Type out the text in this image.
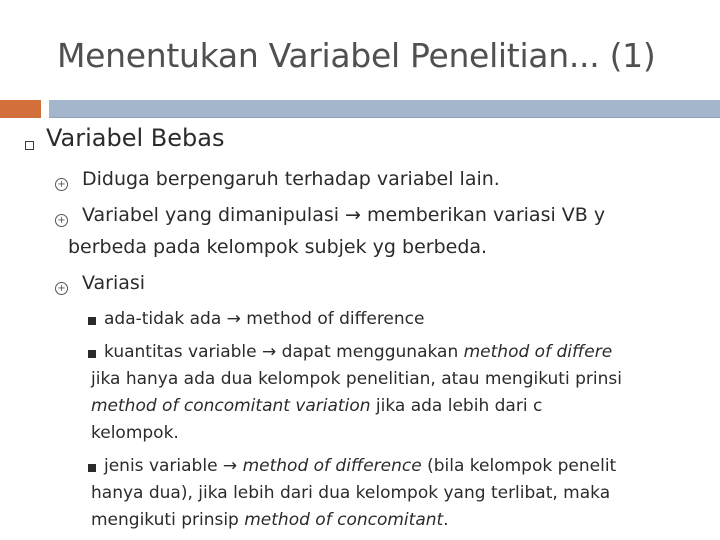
Menentukan Variabel Penelitian... (1)
Variabel Bebas
+ Diduga berpengaruh terhadap variabel lain.
+ Variabel yang dimanipulasi → memberikan variasi VB y
berbeda pada kelompok subjek yg berbeda.
+ Variasi
ada-tidak ada → method of difference
kuantitas variable → dapat menggunakan method of differe
jika hanya ada dua kelompok penelitian, atau mengikuti prinsi
method of concomitant variation jika ada lebih dari c
kelompok.
jenis variable → method of difference (bila kelompok penelit
hanya dua), jika lebih dari dua kelompok yang terlibat, maka
mengikuti prinsip method of concomitant.
